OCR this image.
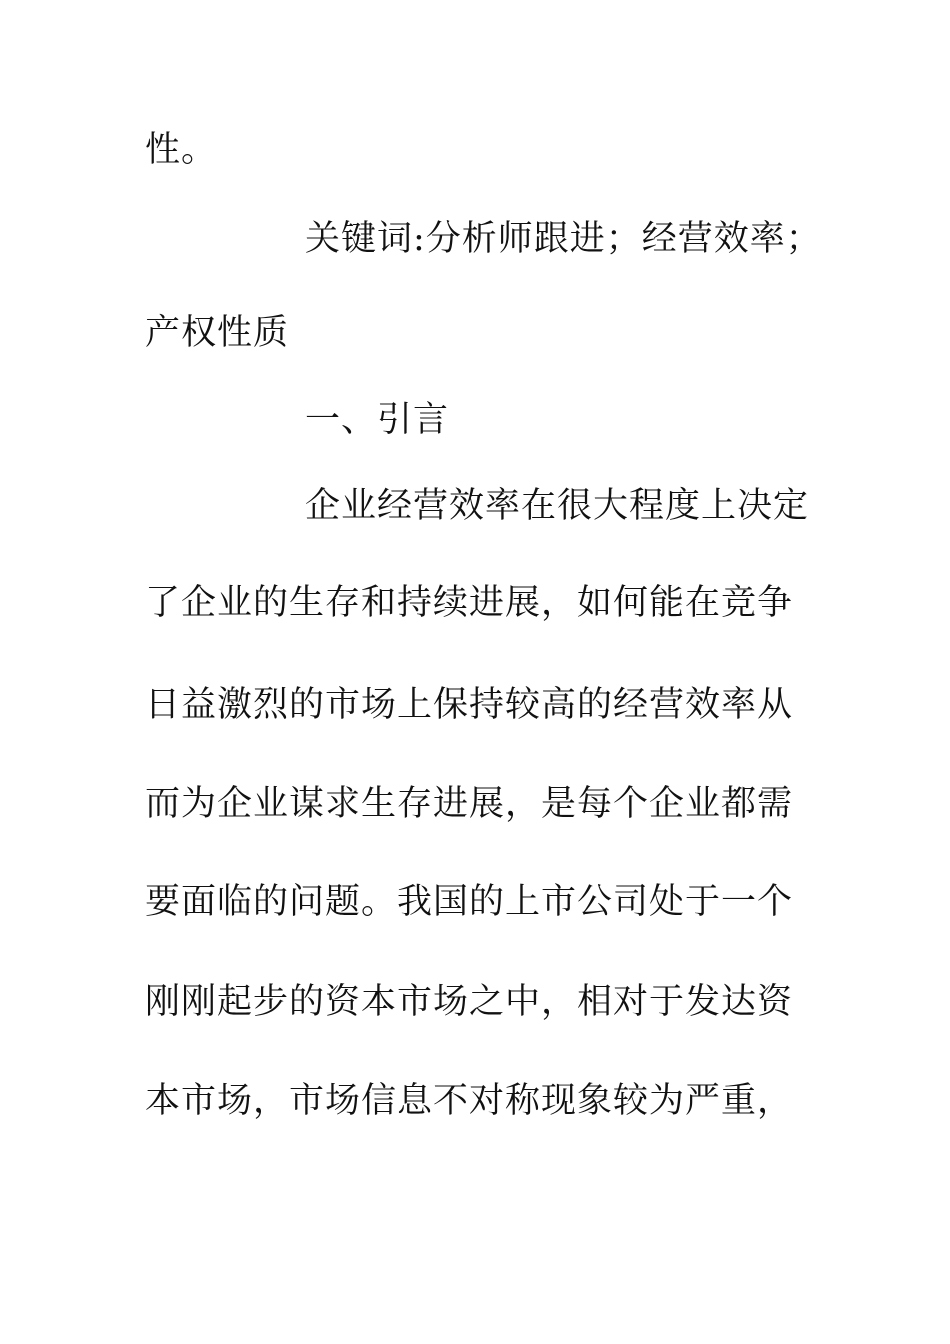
性。
关键词:分析师跟进；经营效率；
产权性质
一、引言
企业经营效率在很大程度上决定
了企业的生存和持续进展，如何能在竞争
日益激烈的市场上保持较高的经营效率从
而为企业谋求生存进展，是每个企业都需
要面临的问题。我国的上市公司处于一个
刚刚起步的资本市场之中，相对于发达资
本市场，市场信息不对称现象较为严重，
